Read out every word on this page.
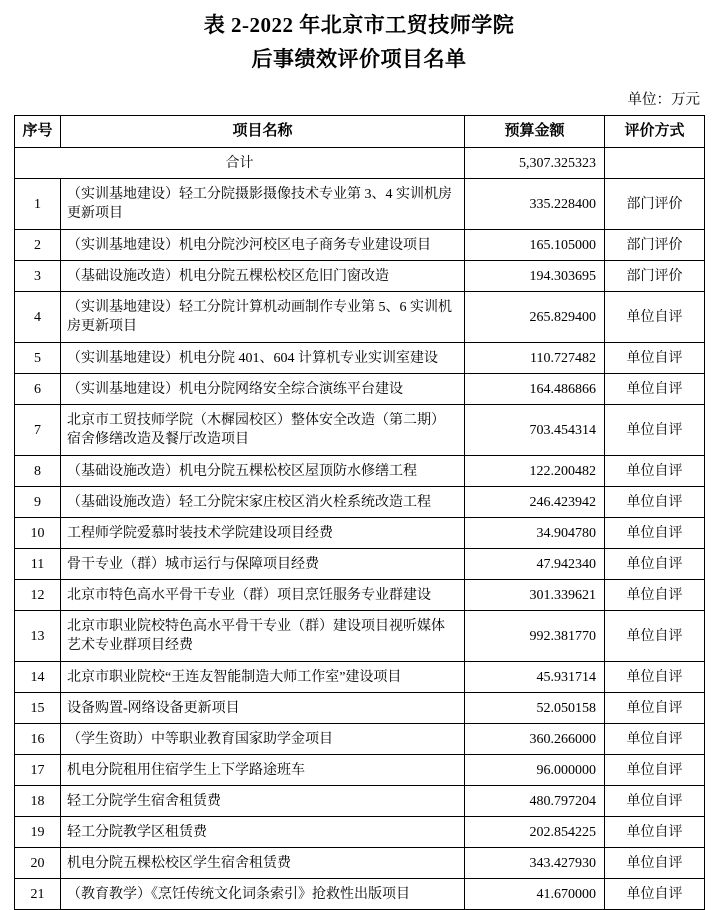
表 2-2022 年北京市工贸技师学院
后事绩效评价项目名单
单位：万元
序号	项目名称	预算金额	评价方式
合计		5,307.325323	
1	（实训基地建设）轻工分院摄影摄像技术专业第 3、4 实训机房更新项目	335.228400	部门评价
2	（实训基地建设）机电分院沙河校区电子商务专业建设项目	165.105000	部门评价
3	（基础设施改造）机电分院五棵松校区危旧门窗改造	194.303695	部门评价
4	（实训基地建设）轻工分院计算机动画制作专业第 5、6 实训机房更新项目	265.829400	单位自评
5	（实训基地建设）机电分院 401、604 计算机专业实训室建设	110.727482	单位自评
6	（实训基地建设）机电分院网络安全综合演练平台建设	164.486866	单位自评
7	北京市工贸技师学院（木樨园校区）整体安全改造（第二期）宿舍修缮改造及餐厅改造项目	703.454314	单位自评
8	（基础设施改造）机电分院五棵松校区屋顶防水修缮工程	122.200482	单位自评
9	（基础设施改造）轻工分院宋家庄校区消火栓系统改造工程	246.423942	单位自评
10	工程师学院爱慕时装技术学院建设项目经费	34.904780	单位自评
11	骨干专业（群）城市运行与保障项目经费	47.942340	单位自评
12	北京市特色高水平骨干专业（群）项目烹饪服务专业群建设	301.339621	单位自评
13	北京市职业院校特色高水平骨干专业（群）建设项目视听媒体艺术专业群项目经费	992.381770	单位自评
14	北京市职业院校“王连友智能制造大师工作室”建设项目	45.931714	单位自评
15	设备购置-网络设备更新项目	52.050158	单位自评
16	（学生资助）中等职业教育国家助学金项目	360.266000	单位自评
17	机电分院租用住宿学生上下学路途班车	96.000000	单位自评
18	轻工分院学生宿舍租赁费	480.797204	单位自评
19	轻工分院教学区租赁费	202.854225	单位自评
20	机电分院五棵松校区学生宿舍租赁费	343.427930	单位自评
21	（教育教学）《烹饪传统文化词条索引》抢救性出版项目	41.670000	单位自评
